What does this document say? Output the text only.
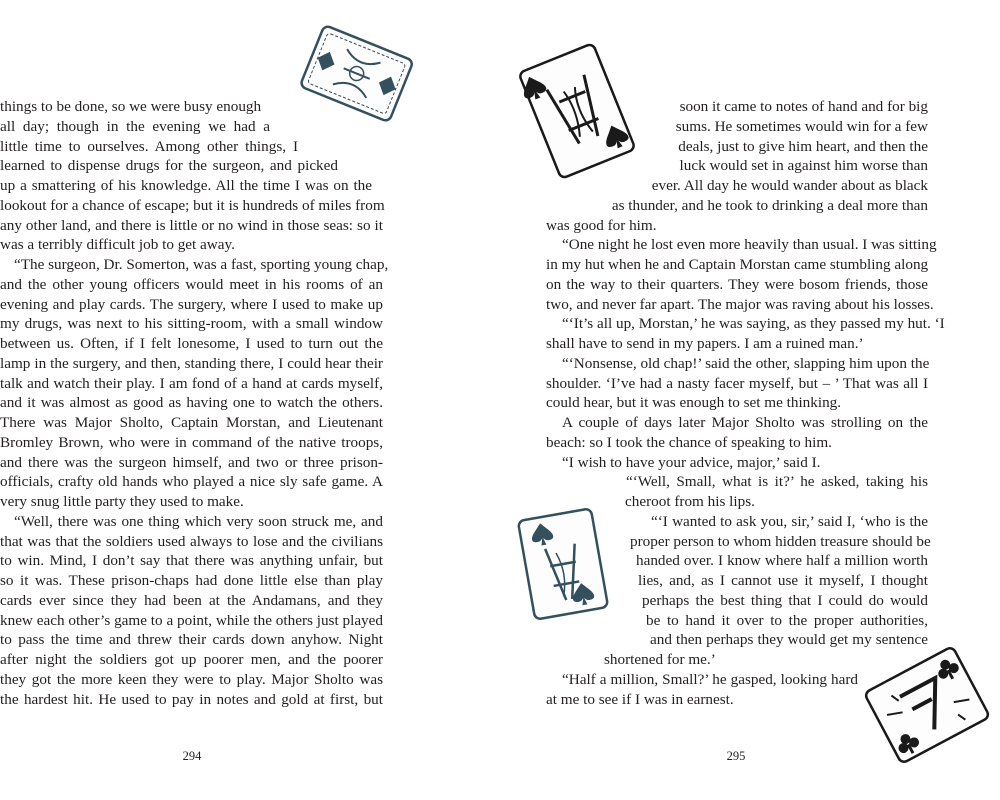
things to be done, so we were busy enough
all day; though in the evening we had a
little time to ourselves. Among other things, I
learned to dispense drugs for the surgeon, and picked
up a smattering of his knowledge. All the time I was on the
lookout for a chance of escape; but it is hundreds of miles from
any other land, and there is little or no wind in those seas: so it
was a terribly difficult job to get away.
“The surgeon, Dr. Somerton, was a fast, sporting young chap,
and the other young officers would meet in his rooms of an
evening and play cards. The surgery, where I used to make up
my drugs, was next to his sitting-room, with a small window
between us. Often, if I felt lonesome, I used to turn out the
lamp in the surgery, and then, standing there, I could hear their
talk and watch their play. I am fond of a hand at cards myself,
and it was almost as good as having one to watch the others.
There was Major Sholto, Captain Morstan, and Lieutenant
Bromley Brown, who were in command of the native troops,
and there was the surgeon himself, and two or three prison-
officials, crafty old hands who played a nice sly safe game. A
very snug little party they used to make.
“Well, there was one thing which very soon struck me, and
that was that the soldiers used always to lose and the civilians
to win. Mind, I don’t say that there was anything unfair, but
so it was. These prison-chaps had done little else than play
cards ever since they had been at the Andamans, and they
knew each other’s game to a point, while the others just played
to pass the time and threw their cards down anyhow. Night
after night the soldiers got up poorer men, and the poorer
they got the more keen they were to play. Major Sholto was
the hardest hit. He used to pay in notes and gold at first, but
294
soon it came to notes of hand and for big
sums. He sometimes would win for a few
deals, just to give him heart, and then the
luck would set in against him worse than
ever. All day he would wander about as black
as thunder, and he took to drinking a deal more than
was good for him.
“One night he lost even more heavily than usual. I was sitting
in my hut when he and Captain Morstan came stumbling along
on the way to their quarters. They were bosom friends, those
two, and never far apart. The major was raving about his losses.
“‘It’s all up, Morstan,’ he was saying, as they passed my hut. ‘I
shall have to send in my papers. I am a ruined man.’
“‘Nonsense, old chap!’ said the other, slapping him upon the
shoulder. ‘I’ve had a nasty facer myself, but – ’ That was all I
could hear, but it was enough to set me thinking.
A couple of days later Major Sholto was strolling on the
beach: so I took the chance of speaking to him.
“I wish to have your advice, major,’ said I.
“‘Well, Small, what is it?’ he asked, taking his
cheroot from his lips.
“‘I wanted to ask you, sir,’ said I, ‘who is the
proper person to whom hidden treasure should be
handed over. I know where half a million worth
lies, and, as I cannot use it myself, I thought
perhaps the best thing that I could do would
be to hand it over to the proper authorities,
and then perhaps they would get my sentence
shortened for me.’
“Half a million, Small?’ he gasped, looking hard
at me to see if I was in earnest.
295
